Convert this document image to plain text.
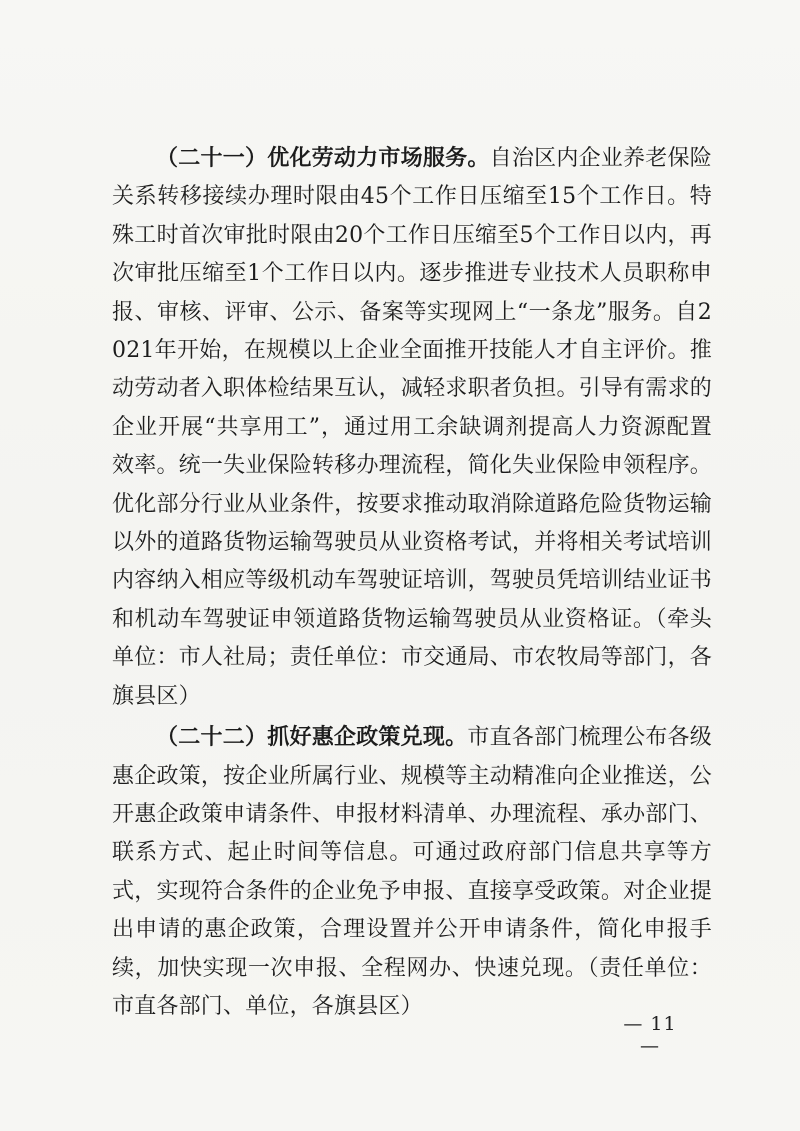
（二十一）优化劳动力市场服务。自治区内企业养老保险关系转移接续办理时限由45个工作日压缩至15个工作日。特殊工时首次审批时限由20个工作日压缩至5个工作日以内，再次审批压缩至1个工作日以内。逐步推进专业技术人员职称申报、审核、评审、公示、备案等实现网上“一条龙”服务。自2021年开始，在规模以上企业全面推开技能人才自主评价。推动劳动者入职体检结果互认，减轻求职者负担。引导有需求的企业开展“共享用工”，通过用工余缺调剂提高人力资源配置效率。统一失业保险转移办理流程，简化失业保险申领程序。优化部分行业从业条件，按要求推动取消除道路危险货物运输以外的道路货物运输驾驶员从业资格考试，并将相关考试培训内容纳入相应等级机动车驾驶证培训，驾驶员凭培训结业证书和机动车驾驶证申领道路货物运输驾驶员从业资格证。（牵头单位：市人社局；责任单位：市交通局、市农牧局等部门，各旗县区）

（二十二）抓好惠企政策兑现。市直各部门梳理公布各级惠企政策，按企业所属行业、规模等主动精准向企业推送，公开惠企政策申请条件、申报材料清单、办理流程、承办部门、联系方式、起止时间等信息。可通过政府部门信息共享等方式，实现符合条件的企业免予申报、直接享受政策。对企业提出申请的惠企政策，合理设置并公开申请条件，简化申报手续，加快实现一次申报、全程网办、快速兑现。（责任单位：市直各部门、单位，各旗县区）

— 11 —
